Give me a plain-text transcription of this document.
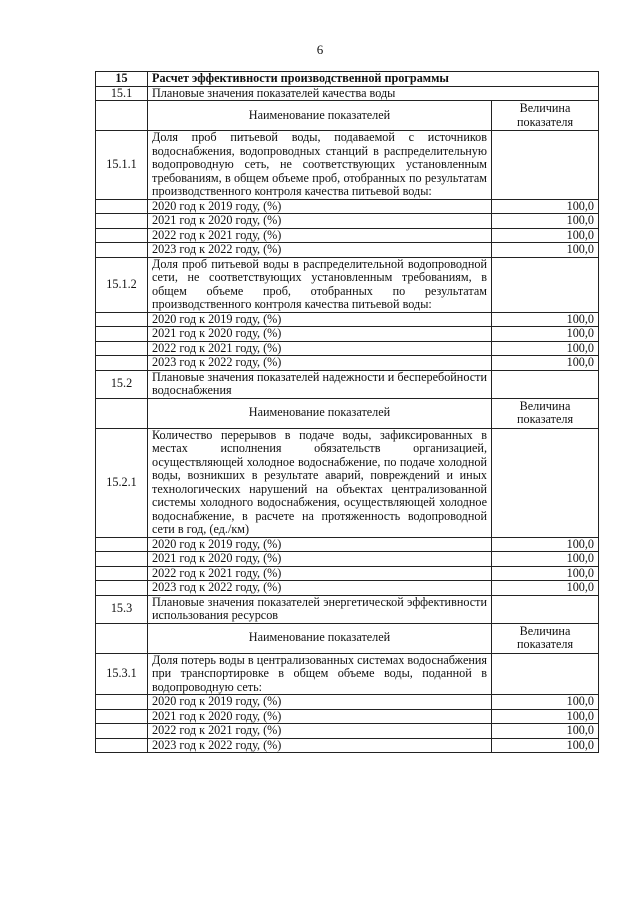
6
15	Расчет эффективности производственной программы	
15.1	Плановые значения показателей качества воды	
	Наименование показателей	Величина показателя
15.1.1	Доля проб питьевой воды, подаваемой с источников водоснабжения, водопроводных станций в распределительную водопроводную сеть, не соответствующих установленным требованиям, в общем объеме проб, отобранных по результатам производственного контроля качества питьевой воды:	
	2020 год к 2019 году, (%)	100,0
	2021 год к 2020 году, (%)	100,0
	2022 год к 2021 году, (%)	100,0
	2023 год к 2022 году, (%)	100,0
15.1.2	Доля проб питьевой воды в распределительной водопроводной сети, не соответствующих установленным требованиям, в общем объеме проб, отобранных по результатам производственного контроля качества питьевой воды:	
	2020 год к 2019 году, (%)	100,0
	2021 год к 2020 году, (%)	100,0
	2022 год к 2021 году, (%)	100,0
	2023 год к 2022 году, (%)	100,0
15.2	Плановые значения показателей надежности и бесперебойности водоснабжения	
	Наименование показателей	Величина показателя
15.2.1	Количество перерывов в подаче воды, зафиксированных в местах исполнения обязательств организацией, осуществляющей холодное водоснабжение, по подаче холодной воды, возникших в результате аварий, повреждений и иных технологических нарушений на объектах централизованной системы холодного водоснабжения, осуществляющей холодное водоснабжение, в расчете на протяженность водопроводной сети в год, (ед./км)	
	2020 год к 2019 году, (%)	100,0
	2021 год к 2020 году, (%)	100,0
	2022 год к 2021 году, (%)	100,0
	2023 год к 2022 году, (%)	100,0
15.3	Плановые значения показателей энергетической эффективности использования ресурсов	
	Наименование показателей	Величина показателя
15.3.1	Доля потерь воды в централизованных системах водоснабжения при транспортировке в общем объеме воды, поданной в водопроводную сеть:	
	2020 год к 2019 году, (%)	100,0
	2021 год к 2020 году, (%)	100,0
	2022 год к 2021 году, (%)	100,0
	2023 год к 2022 году, (%)	100,0
